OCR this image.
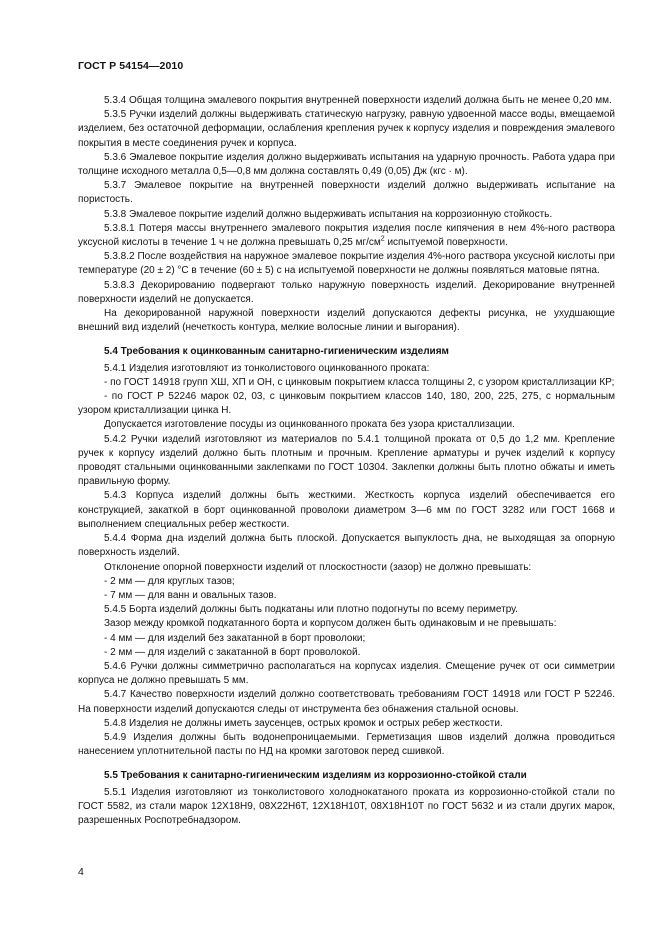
ГОСТ Р 54154—2010

5.3.4 Общая толщина эмалевого покрытия внутренней поверхности изделий должна быть не менее 0,20 мм.

5.3.5 Ручки изделий должны выдерживать статическую нагрузку, равную удвоенной массе воды, вмещаемой изделием, без остаточной деформации, ослабления крепления ручек к корпусу изделия и повреждения эмалевого покрытия в месте соединения ручек и корпуса.

5.3.6 Эмалевое покрытие изделия должно выдерживать испытания на ударную прочность. Работа удара при толщине исходного металла 0,5—0,8 мм должна составлять 0,49 (0,05) Дж (кгс · м).

5.3.7 Эмалевое покрытие на внутренней поверхности изделий должно выдерживать испытание на пористость.

5.3.8 Эмалевое покрытие изделий должно выдерживать испытания на коррозионную стойкость.

5.3.8.1 Потеря массы внутреннего эмалевого покрытия изделия после кипячения в нем 4%-ного раствора уксусной кислоты в течение 1 ч не должна превышать 0,25 $мг/см^2$ испытуемой поверхности.

5.3.8.2 После воздействия на наружное эмалевое покрытие изделия 4%-ного раствора уксусной кислоты при температуре (20 ± 2) °С в течение (60 ± 5) с на испытуемой поверхности не должны появляться матовые пятна.

5.3.8.3 Декорированию подвергают только наружную поверхность изделий. Декорирование внутренней поверхности изделий не допускается.

На декорированной наружной поверхности изделий допускаются дефекты рисунка, не ухудшающие внешний вид изделий (нечеткость контура, мелкие волосные линии и выгорания).

5.4 Требования к оцинкованным санитарно-гигиеническим изделиям

5.4.1 Изделия изготовляют из тонколистового оцинкованного проката:

- по ГОСТ 14918 групп ХШ, ХП и ОН, с цинковым покрытием класса толщины 2, с узором кристаллизации КР;

- по ГОСТ Р 52246 марок 02, 03, с цинковым покрытием классов 140, 180, 200, 225, 275, с нормальным узором кристаллизации цинка Н.

Допускается изготовление посуды из оцинкованного проката без узора кристаллизации.

5.4.2 Ручки изделий изготовляют из материалов по 5.4.1 толщиной проката от 0,5 до 1,2 мм. Крепление ручек к корпусу изделий должно быть плотным и прочным. Крепление арматуры и ручек изделий к корпусу проводят стальными оцинкованными заклепками по ГОСТ 10304. Заклепки должны быть плотно обжаты и иметь правильную форму.

5.4.3 Корпуса изделий должны быть жесткими. Жесткость корпуса изделий обеспечивается его конструкцией, закаткой в борт оцинкованной проволоки диаметром 3—6 мм по ГОСТ 3282 или ГОСТ 1668 и выполнением специальных ребер жесткости.

5.4.4 Форма дна изделий должна быть плоской. Допускается выпуклость дна, не выходящая за опорную поверхность изделий.

Отклонение опорной поверхности изделий от плоскостности (зазор) не должно превышать:

- 2 мм — для круглых тазов;

- 7 мм — для ванн и овальных тазов.

5.4.5 Борта изделий должны быть подкатаны или плотно подогнуты по всему периметру.

Зазор между кромкой подкатанного борта и корпусом должен быть одинаковым и не превышать:

- 4 мм — для изделий без закатанной в борт проволоки;

- 2 мм — для изделий с закатанной в борт проволокой.

5.4.6 Ручки должны симметрично располагаться на корпусах изделия. Смещение ручек от оси симметрии корпуса не должно превышать 5 мм.

5.4.7 Качество поверхности изделий должно соответствовать требованиям ГОСТ 14918 или ГОСТ Р 52246. На поверхности изделий допускаются следы от инструмента без обнажения стальной основы.

5.4.8 Изделия не должны иметь заусенцев, острых кромок и острых ребер жесткости.

5.4.9 Изделия должны быть водонепроницаемыми. Герметизация швов изделий должна проводиться нанесением уплотнительной пасты по НД на кромки заготовок перед сшивкой.

5.5 Требования к санитарно-гигиеническим изделиям из коррозионно-стойкой стали

5.5.1 Изделия изготовляют из тонколистового холоднокатаного проката из коррозионно-стойкой стали по ГОСТ 5582, из стали марок 12Х18Н9, 08Х22Н6Т, 12Х18Н10Т, 08Х18Н10Т по ГОСТ 5632 и из стали других марок, разрешенных Роспотребнадзором.

4
